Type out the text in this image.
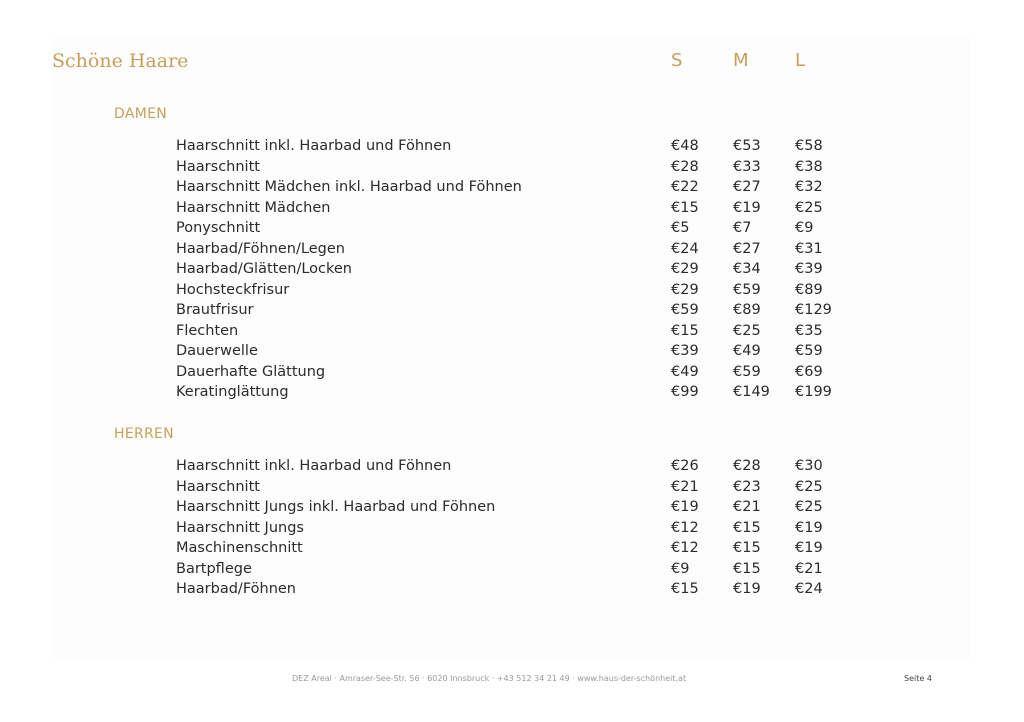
Schöne Haare	S	M	L
DAMEN
Haarschnitt inkl. Haarbad und Föhnen	€48 €53 €58
Haarschnitt	€28 €33 €38
Haarschnitt Mädchen inkl. Haarbad und Föhnen	€22 €27 €32
Haarschnitt Mädchen	€15 €19 €25
Ponyschnitt	€5	€7	€9
Haarbad/Föhnen/Legen	€24 €27 €31
Haarbad/Glätten/Locken	€29 €34 €39
Hochsteckfrisur	€29 €59 €89
Brautfrisur	€59 €89 €129
Flechten	€15 €25 €35
Dauerwelle	€39 €49 €59
Dauerhafte Glättung	€49 €59 €69
Keratinglättung	€99 €149 €199
HERREN
Haarschnitt inkl. Haarbad und Föhnen	€26 €28 €30
Haarschnitt	€21 €23 €25
Haarschnitt Jungs inkl. Haarbad und Föhnen	€19 €21 €25
Haarschnitt Jungs	€12 €15 €19
Maschinenschnitt	€12 €15 €19
Bartpflege	€9	€15 €21
Haarbad/Föhnen	€15 €19 €24
DEZ Areal · Amraser-See-Str. 56 · 6020 Innsbruck · +43 512 34 21 49 · www.haus-der-schönheit.at	Seite 4
